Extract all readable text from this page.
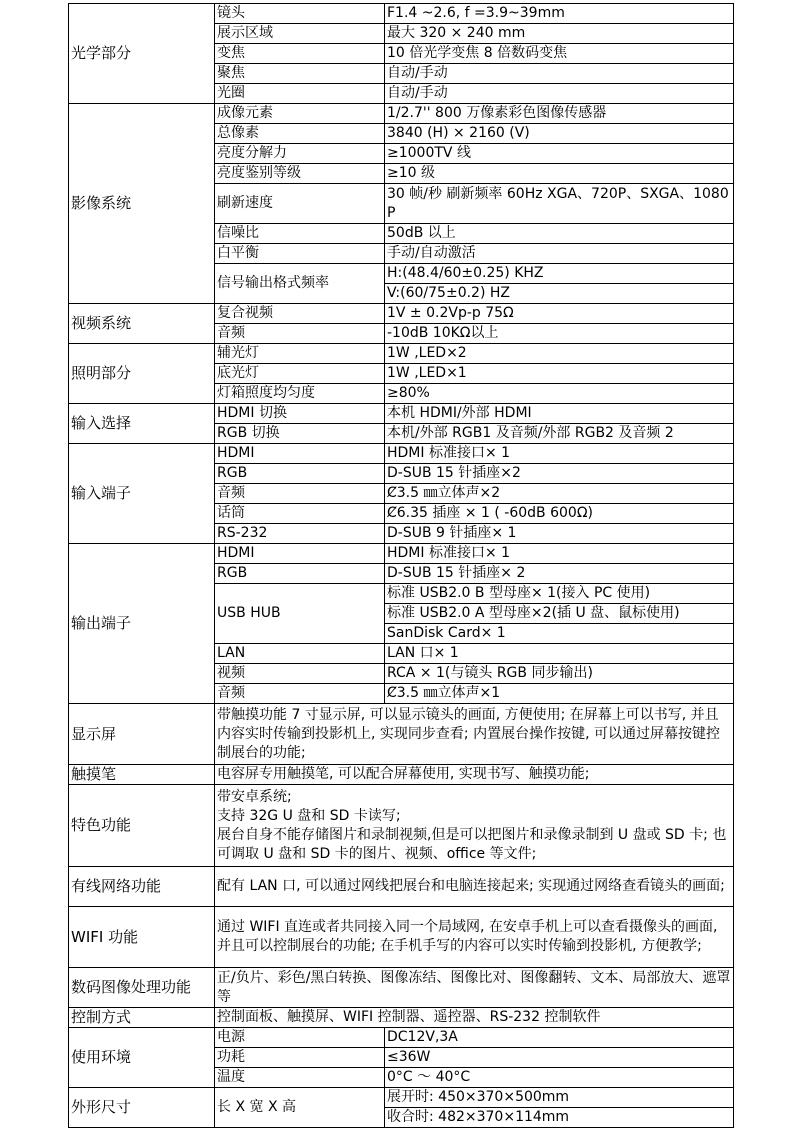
光学部分	镜头	F1.4 ~2.6, f =3.9~39mm

	展示区域	最大 320 × 240 mm

	变焦	10 倍光学变焦 8 倍数码变焦

	聚焦	自动/手动

	光圈	自动/手动

影像系统	成像元素	1/2.7'' 800 万像素彩色图像传感器

	总像素	3840 (H) × 2160 (V)

	亮度分解力	≥1000TV 线

	亮度鉴别等级	≥10 级

	刷新速度	30 帧/秒 刷新频率 60Hz XGA、720P、SXGA、1080P

	信噪比	50dB 以上

	白平衡	手动/自动激活

	信号输出格式频率	H:(48.4/60±0.25) KHZ

		V:(60/75±0.2) HZ

视频系统	复合视频	1V ± 0.2Vp-p 75Ω

	音频	-10dB 10KΩ以上

照明部分	辅光灯	1W ,LED×2

	底光灯	1W ,LED×1

	灯箱照度均匀度	≥80%

输入选择	HDMI 切换	本机 HDMI/外部 HDMI

	RGB 切换	本机/外部 RGB1 及音频/外部 RGB2 及音频 2

输入端子	HDMI	HDMI 标准接口× 1

	RGB	D-SUB 15 针插座×2

	音频	Ȼ3.5 ㎜立体声×2

	话筒	Ȼ6.35 插座 × 1 ( -60dB 600Ω)

	RS-232	D-SUB 9 针插座× 1

输出端子	HDMI	HDMI 标准接口× 1

	RGB	D-SUB 15 针插座× 2

	USB HUB	标准 USB2.0 B 型母座× 1(接入 PC 使用)

		标准 USB2.0 A 型母座×2(插 U 盘、鼠标使用)

		SanDisk Card× 1

	LAN	LAN 口× 1

	视频	RCA × 1(与镜头 RGB 同步输出)

	音频	Ȼ3.5 ㎜立体声×1

显示屏	带触摸功能 7 寸显示屏, 可以显示镜头的画面, 方便使用; 在屏幕上可以书写, 并且内容实时传输到投影机上, 实现同步查看; 内置展台操作按键, 可以通过屏幕按键控制展台的功能;	

触摸笔	电容屏专用触摸笔, 可以配合屏幕使用, 实现书写、触摸功能;	

特色功能	带安卓系统;
支持 32G U 盘和 SD 卡读写;
展台自身不能存储图片和录制视频,但是可以把图片和录像录制到 U 盘或 SD 卡; 也可调取 U 盘和 SD 卡的图片、视频、office 等文件;	

有线网络功能	配有 LAN 口, 可以通过网线把展台和电脑连接起来; 实现通过网络查看镜头的画面;	

WIFI 功能	通过 WIFI 直连或者共同接入同一个局域网, 在安卓手机上可以查看摄像头的画面, 并且可以控制展台的功能; 在手机手写的内容可以实时传输到投影机, 方便教学;	

数码图像处理功能	正/负片、彩色/黑白转换、图像冻结、图像比对、图像翻转、文本、局部放大、遮罩等	

控制方式	控制面板、触摸屏、WIFI 控制器、遥控器、RS-232 控制软件	

使用环境	电源	DC12V,3A

	功耗	≤36W

	温度	0°C ～ 40°C

外形尺寸	长 X 宽 X 高	展开时: 450×370×500mm

		收合时: 482×370×114mm
